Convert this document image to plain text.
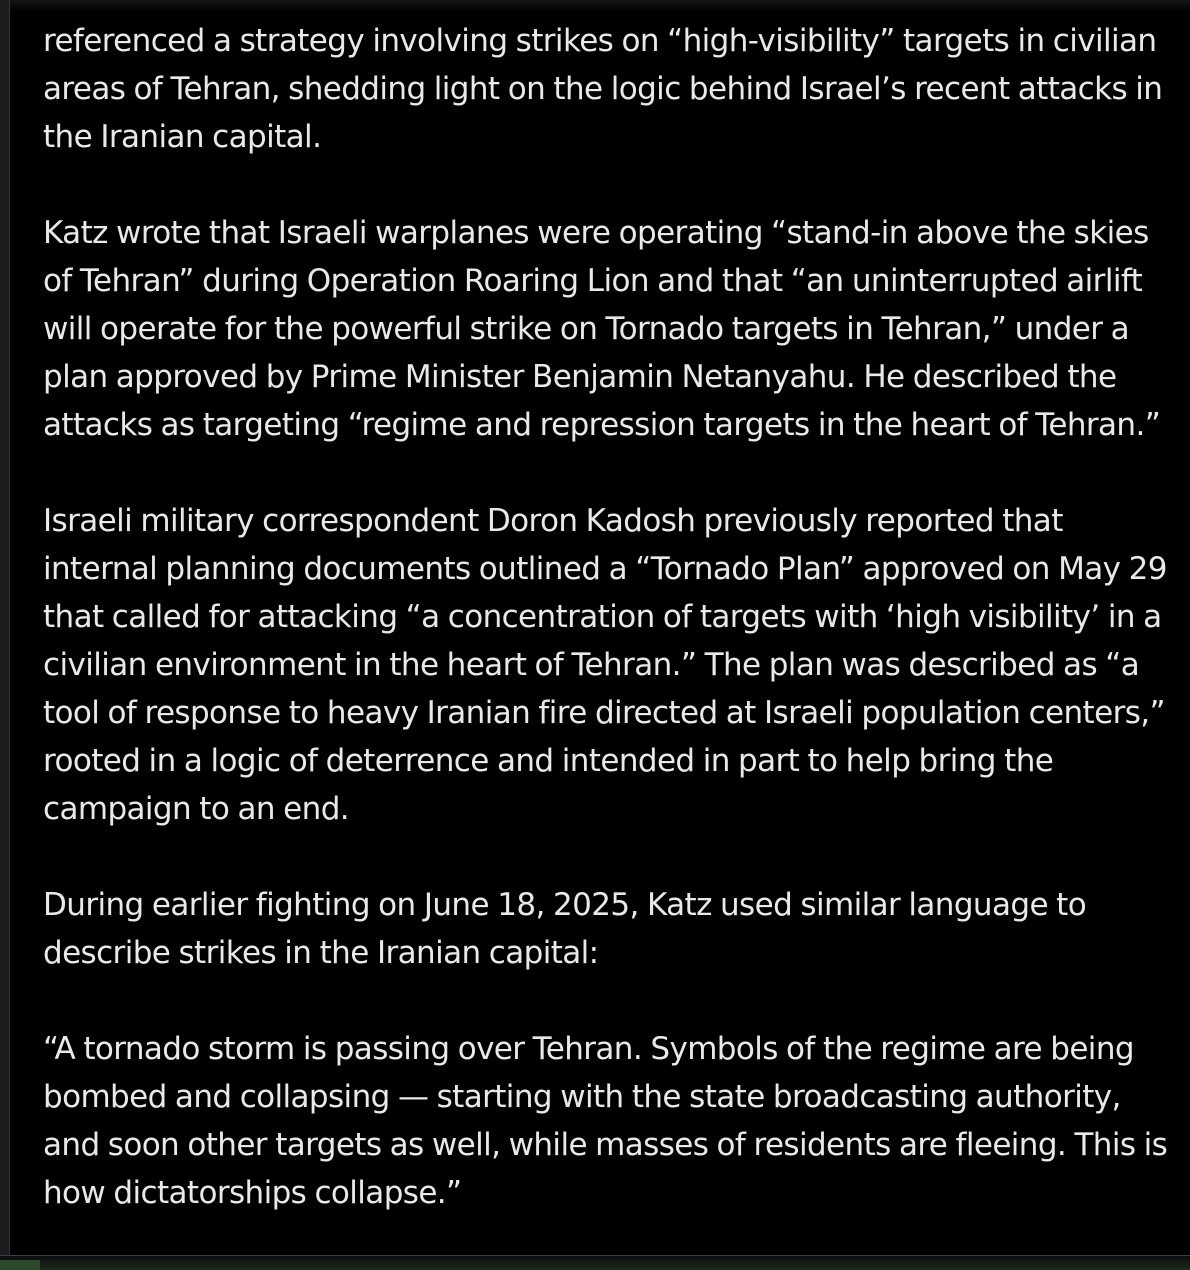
referenced a strategy involving strikes on “high-visibility” targets in civilian areas of Tehran, shedding light on the logic behind Israel’s recent attacks in the Iranian capital.

Katz wrote that Israeli warplanes were operating “stand-in above the skies of Tehran” during Operation Roaring Lion and that “an uninterrupted airlift will operate for the powerful strike on Tornado targets in Tehran,” under a plan approved by Prime Minister Benjamin Netanyahu. He described the attacks as targeting “regime and repression targets in the heart of Tehran.”

Israeli military correspondent Doron Kadosh previously reported that internal planning documents outlined a “Tornado Plan” approved on May 29 that called for attacking “a concentration of targets with ‘high visibility’ in a civilian environment in the heart of Tehran.” The plan was described as “a tool of response to heavy Iranian fire directed at Israeli population centers,” rooted in a logic of deterrence and intended in part to help bring the campaign to an end.

During earlier fighting on June 18, 2025, Katz used similar language to describe strikes in the Iranian capital:

“A tornado storm is passing over Tehran. Symbols of the regime are being bombed and collapsing — starting with the state broadcasting authority, and soon other targets as well, while masses of residents are fleeing. This is how dictatorships collapse.”
